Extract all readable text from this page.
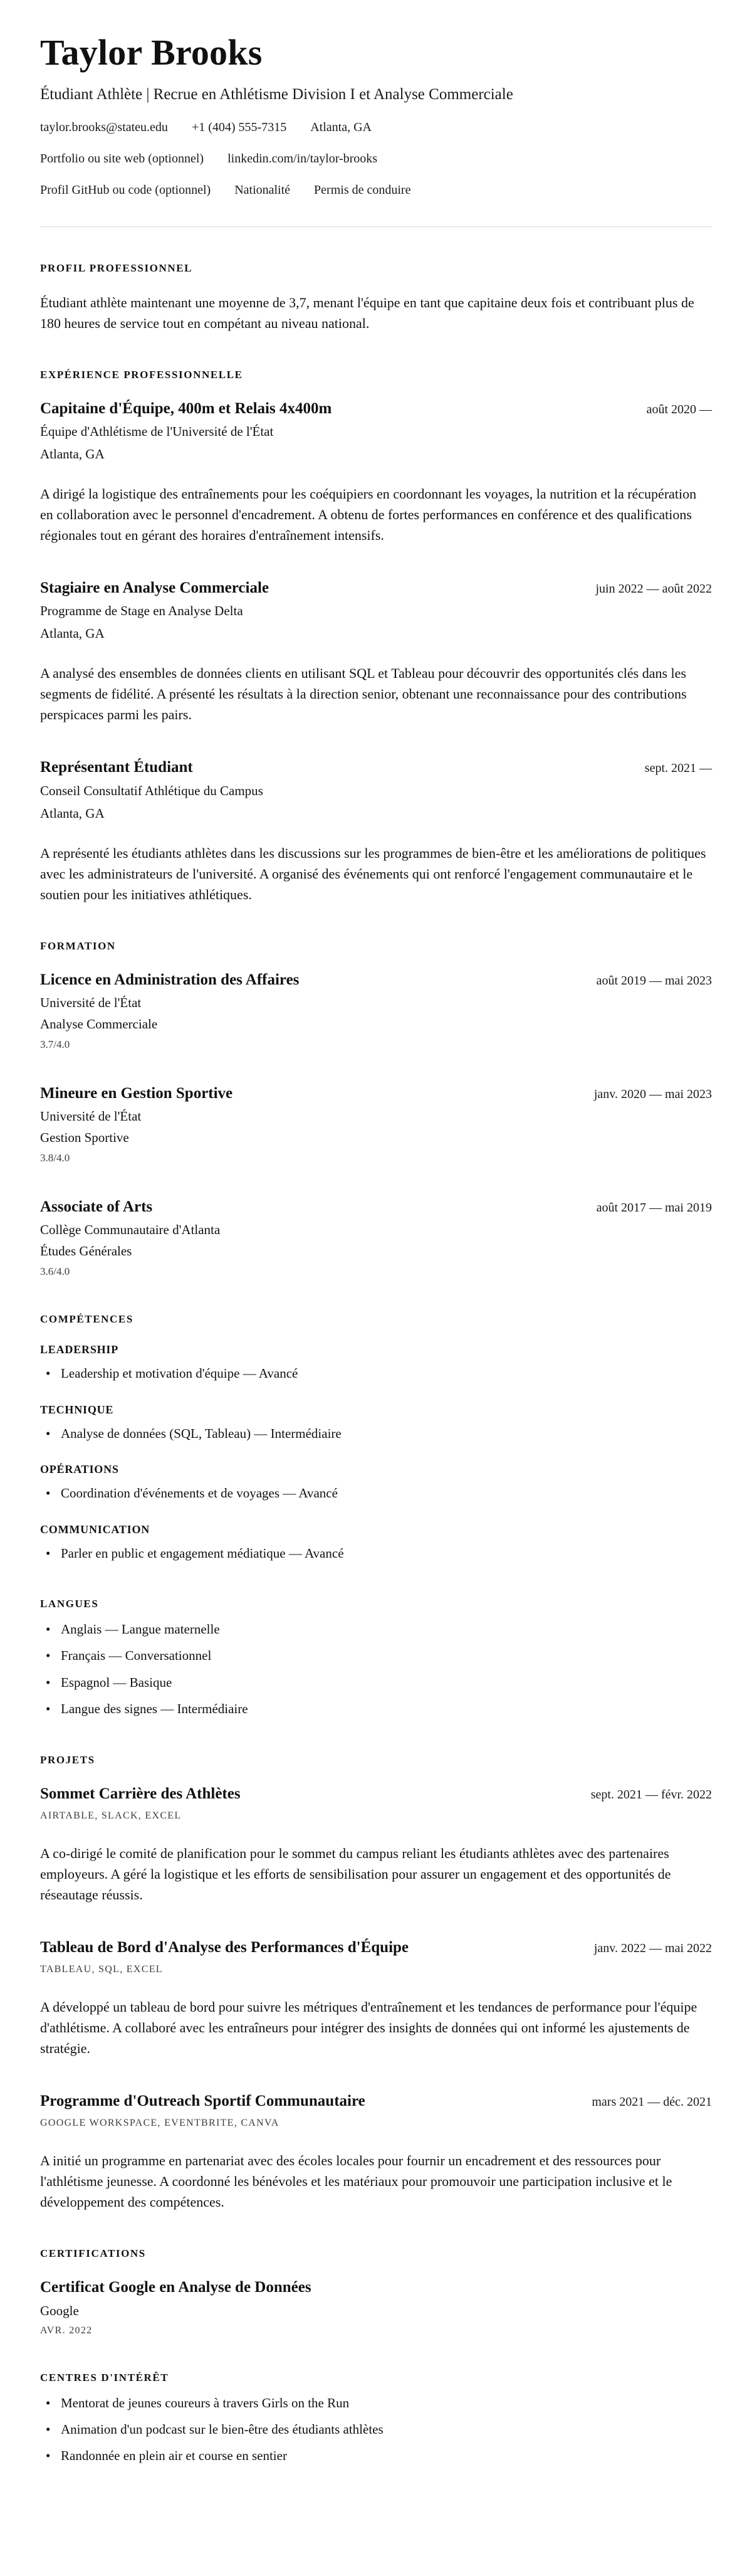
Taylor Brooks

Étudiant Athlète | Recrue en Athlétisme Division I et Analyse Commerciale

taylor.brooks@stateu.edu +1 (404) 555-7315 Atlanta, GA
Portfolio ou site web (optionnel) linkedin.com/in/taylor-brooks
Profil GitHub ou code (optionnel) Nationalité Permis de conduire
PROFIL PROFESSIONNEL

Étudiant athlète maintenant une moyenne de 3,7, menant l'équipe en tant que capitaine deux fois et contribuant plus de 180 heures de service tout en compétant au niveau national.

EXPÉRIENCE PROFESSIONNELLE
Capitaine d'Équipe, 400m et Relais 4x400m	août 2020 —

Équipe d'Athlétisme de l'Université de l'État

Atlanta, GA

A dirigé la logistique des entraînements pour les coéquipiers en coordonnant les voyages, la nutrition et la récupération en collaboration avec le personnel d'encadrement. A obtenu de fortes performances en conférence et des qualifications régionales tout en gérant des horaires d'entraînement intensifs.

Stagiaire en Analyse Commerciale	juin 2022 — août 2022

Programme de Stage en Analyse Delta

Atlanta, GA

A analysé des ensembles de données clients en utilisant SQL et Tableau pour découvrir des opportunités clés dans les segments de fidélité. A présenté les résultats à la direction senior, obtenant une reconnaissance pour des contributions perspicaces parmi les pairs.

Représentant Étudiant	sept. 2021 —

Conseil Consultatif Athlétique du Campus

Atlanta, GA

A représenté les étudiants athlètes dans les discussions sur les programmes de bien-être et les améliorations de politiques avec les administrateurs de l'université. A organisé des événements qui ont renforcé l'engagement communautaire et le soutien pour les initiatives athlétiques.

FORMATION
Licence en Administration des Affaires	août 2019 — mai 2023

Université de l'État

Analyse Commerciale

3.7/4.0

Mineure en Gestion Sportive	janv. 2020 — mai 2023

Université de l'État

Gestion Sportive

3.8/4.0

Associate of Arts	août 2017 — mai 2019

Collège Communautaire d'Atlanta

Études Générales

3.6/4.0

COMPÉTENCES
LEADERSHIP
• Leadership et motivation d'équipe — Avancé
TECHNIQUE
• Analyse de données (SQL, Tableau) — Intermédiaire
OPÉRATIONS
• Coordination d'événements et de voyages — Avancé
COMMUNICATION
• Parler en public et engagement médiatique — Avancé
LANGUES
• Anglais — Langue maternelle
• Français — Conversationnel
• Espagnol — Basique
• Langue des signes — Intermédiaire
PROJETS
Sommet Carrière des Athlètes	sept. 2021 — févr. 2022

AIRTABLE, SLACK, EXCEL

A co-dirigé le comité de planification pour le sommet du campus reliant les étudiants athlètes avec des partenaires employeurs. A géré la logistique et les efforts de sensibilisation pour assurer un engagement et des opportunités de réseautage réussis.

Tableau de Bord d'Analyse des Performances d'Équipe	janv. 2022 — mai 2022

TABLEAU, SQL, EXCEL

A développé un tableau de bord pour suivre les métriques d'entraînement et les tendances de performance pour l'équipe d'athlétisme. A collaboré avec les entraîneurs pour intégrer des insights de données qui ont informé les ajustements de stratégie.

Programme d'Outreach Sportif Communautaire	mars 2021 — déc. 2021

GOOGLE WORKSPACE, EVENTBRITE, CANVA

A initié un programme en partenariat avec des écoles locales pour fournir un encadrement et des ressources pour l'athlétisme jeunesse. A coordonné les bénévoles et les matériaux pour promouvoir une participation inclusive et le développement des compétences.

CERTIFICATIONS
Certificat Google en Analyse de Données

Google

AVR. 2022

CENTRES D'INTÉRÊT
• Mentorat de jeunes coureurs à travers Girls on the Run
• Animation d'un podcast sur le bien-être des étudiants athlètes
• Randonnée en plein air et course en sentier
